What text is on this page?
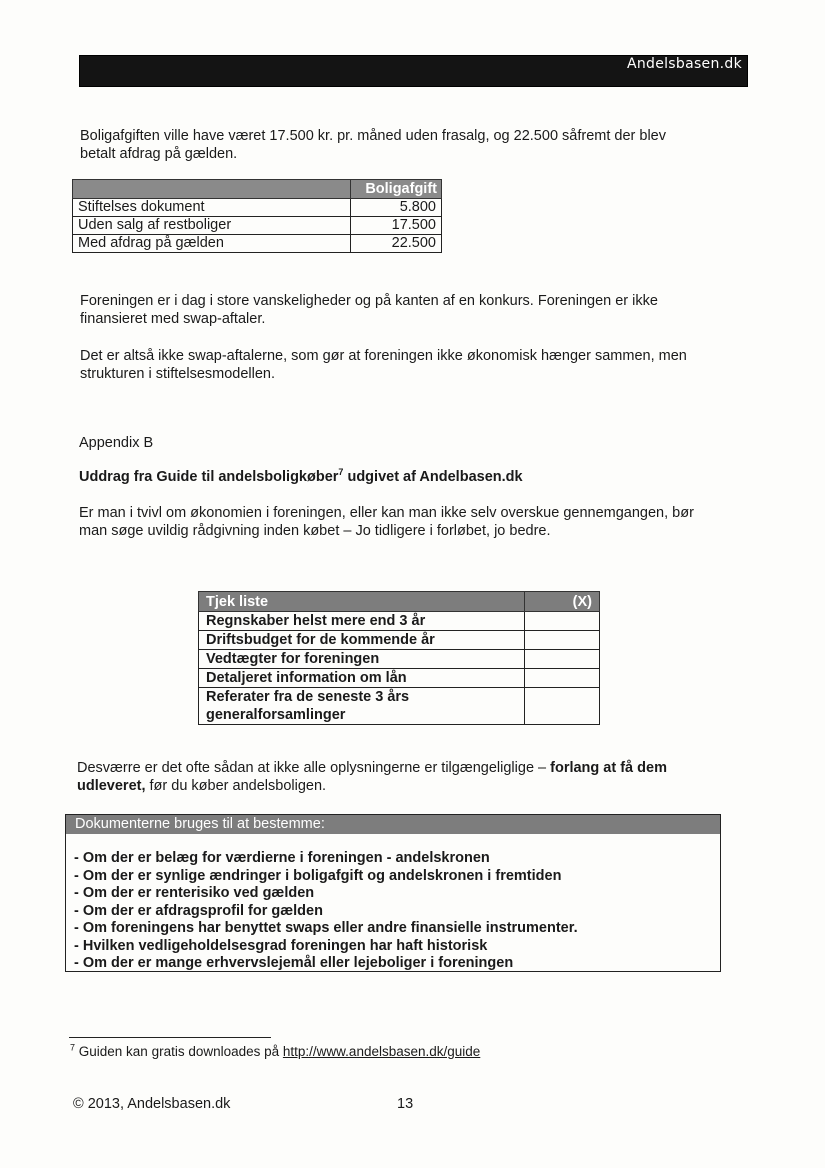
Andelsbasen.dk

Boligafgiften ville have været 17.500 kr. pr. måned uden frasalg, og 22.500 såfremt der blev

betalt afdrag på gælden.

	Boligafgift
Stiftelses dokument	5.800
Uden salg af restboliger	17.500
Med afdrag på gælden	22.500

Foreningen er i dag i store vanskeligheder og på kanten af en konkurs. Foreningen er ikke

finansieret med swap-aftaler.

Det er altså ikke swap-aftalerne, som gør at foreningen ikke økonomisk hænger sammen, men

strukturen i stiftelsesmodellen.

Appendix B

Uddrag fra Guide til andelsboligkøber$^7$ udgivet af Andelbasen.dk

Er man i tvivl om økonomien i foreningen, eller kan man ikke selv overskue gennemgangen, bør

man søge uvildig rådgivning inden købet – Jo tidligere i forløbet, jo bedre.

Tjek liste	(X)
Regnskaber helst mere end 3 år	
Driftsbudget for de kommende år	
Vedtægter for foreningen	
Detaljeret information om lån	
Referater fra de seneste 3 års generalforsamlinger	

Desværre er det ofte sådan at ikke alle oplysningerne er tilgængeliglige – forlang at få dem
udleveret, før du køber andelsboligen.

Dokumenterne bruges til at bestemme:
- Om der er belæg for værdierne i foreningen - andelskronen
- Om der er synlige ændringer i boligafgift og andelskronen i fremtiden
- Om der er renterisiko ved gælden
- Om der er afdragsprofil for gælden
- Om foreningens har benyttet swaps eller andre finansielle instrumenter.
- Hvilken vedligeholdelsesgrad foreningen har haft historisk
- Om der er mange erhvervslejemål eller lejeboliger i foreningen

$^7$ Guiden kan gratis downloades på http://www.andelsbasen.dk/guide

© 2013, Andelsbasen.dk	13
